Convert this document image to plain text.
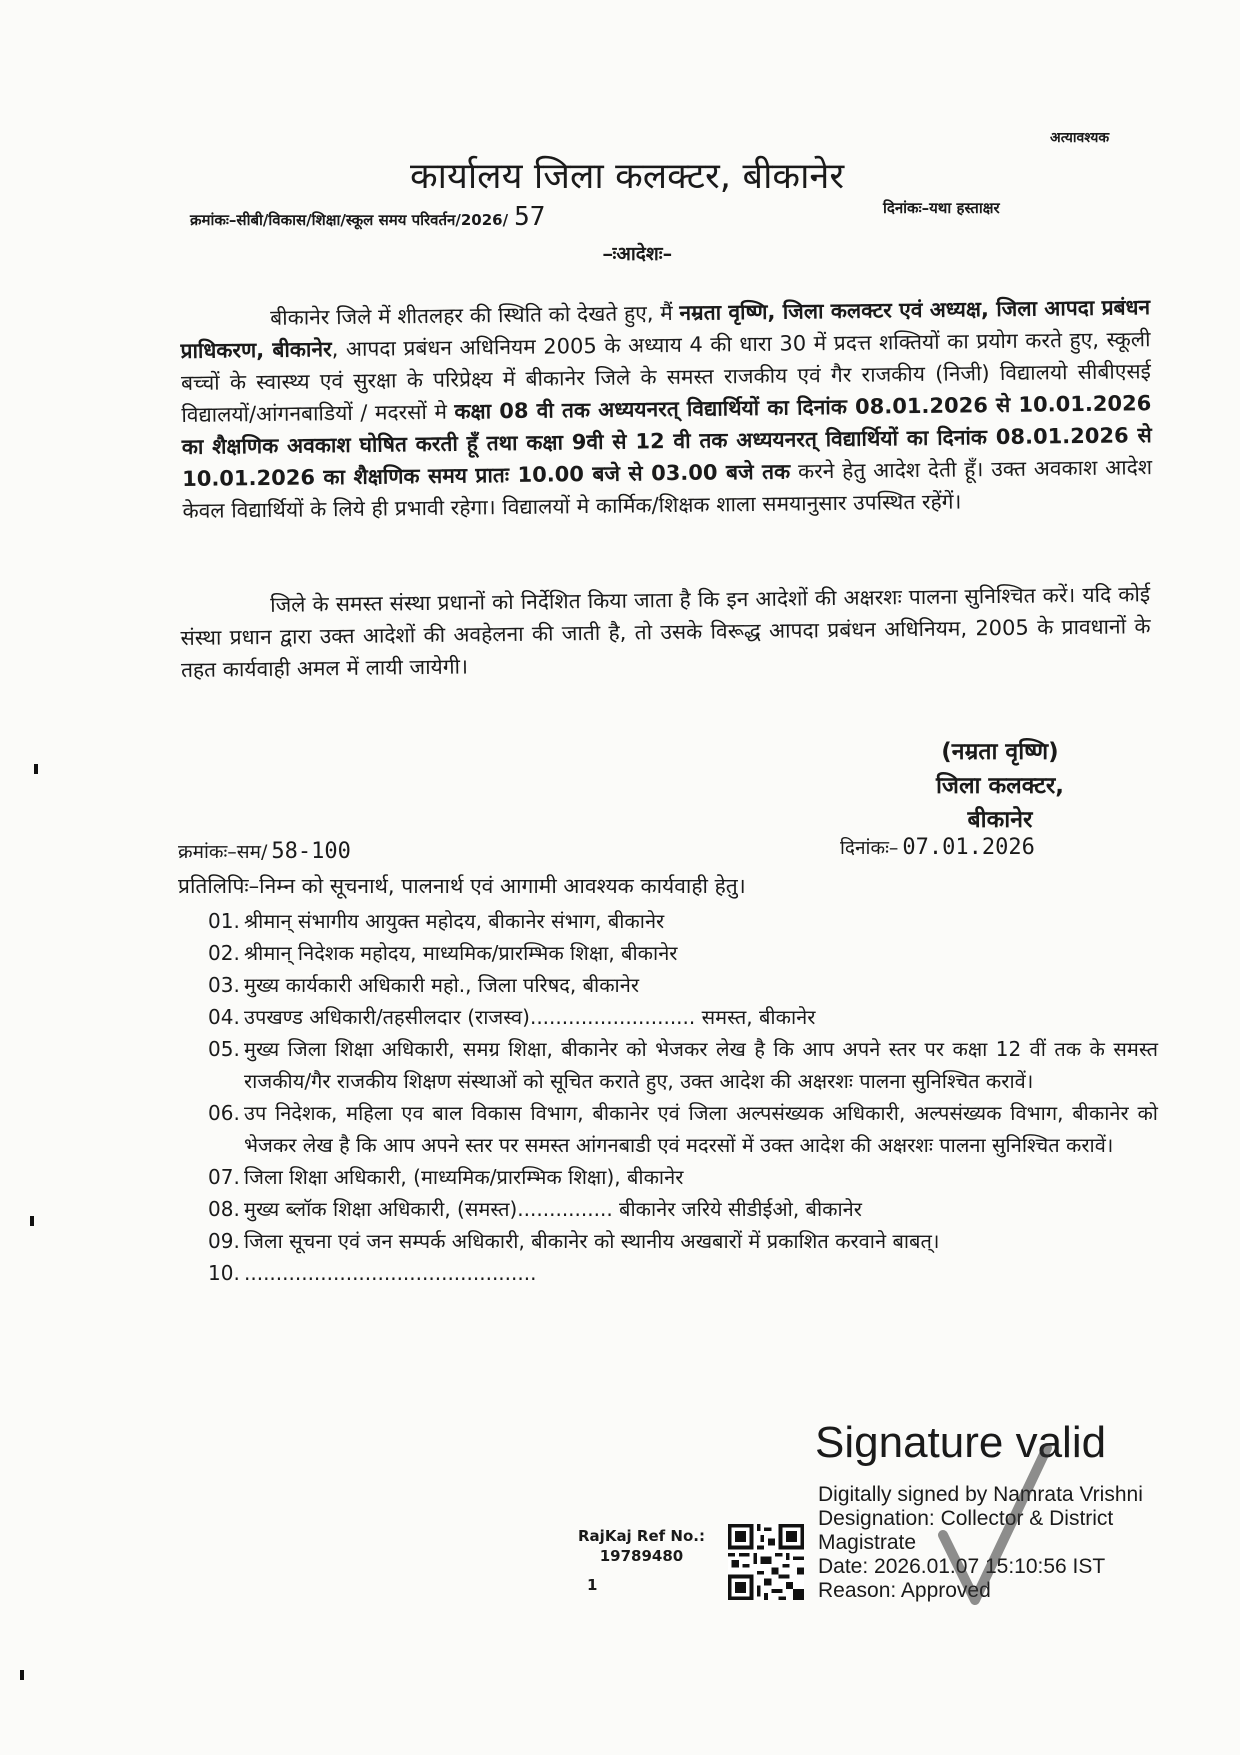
अत्यावश्यक
कार्यालय जिला कलक्टर, बीकानेर
क्रमांकः–सीबी/विकास/शिक्षा/स्कूल समय परिवर्तन/2026/ 57	दिनांकः–यथा हस्ताक्षर
–ःआदेशः–

बीकानेर जिले में शीतलहर की स्थिति को देखते हुए, मैं नम्रता वृष्णि, जिला कलक्टर एवं अध्यक्ष, जिला आपदा प्रबंधन प्राधिकरण, बीकानेर, आपदा प्रबंधन अधिनियम 2005 के अध्याय 4 की धारा 30 में प्रदत्त शक्तियों का प्रयोग करते हुए, स्कूली बच्चों के स्वास्थ्य एवं सुरक्षा के परिप्रेक्ष्य में बीकानेर जिले के समस्त राजकीय एवं गैर राजकीय (निजी) विद्यालयो सीबीएसई विद्यालयों/आंगनबाडियों / मदरसों मे कक्षा 08 वी तक अध्ययनरत् विद्यार्थियों का दिनांक 08.01.2026 से 10.01.2026 का शैक्षणिक अवकाश घोषित करती हूँ तथा कक्षा 9वी से 12 वी तक अध्ययनरत् विद्यार्थियों का दिनांक 08.01.2026 से 10.01.2026 का शैक्षणिक समय प्रातः 10.00 बजे से 03.00 बजे तक करने हेतु आदेश देती हूँ। उक्त अवकाश आदेश केवल विद्यार्थियों के लिये ही प्रभावी रहेगा। विद्यालयों मे कार्मिक/शिक्षक शाला समयानुसार उपस्थित रहेंगें।

जिले के समस्त संस्था प्रधानों को निर्देशित किया जाता है कि इन आदेशों की अक्षरशः पालना सुनिश्चित करें। यदि कोई संस्था प्रधान द्वारा उक्त आदेशों की अवहेलना की जाती है, तो उसके विरूद्ध आपदा प्रबंधन अधिनियम, 2005 के प्रावधानों के तहत कार्यवाही अमल में लायी जायेगी।

(नम्रता वृष्णि)
जिला कलक्टर,
बीकानेर
क्रमांकः–सम/ 58-100	दिनांकः– 07.01.2026
प्रतिलिपिः–निम्न को सूचनार्थ, पालनार्थ एवं आगामी आवश्यक कार्यवाही हेतु।
01. श्रीमान् संभागीय आयुक्त महोदय, बीकानेर संभाग, बीकानेर
02. श्रीमान् निदेशक महोदय, माध्यमिक/प्रारम्भिक शिक्षा, बीकानेर
03. मुख्य कार्यकारी अधिकारी महो., जिला परिषद, बीकानेर
04. उपखण्ड अधिकारी/तहसीलदार (राजस्व).......................... समस्त, बीकानेर
05. मुख्य जिला शिक्षा अधिकारी, समग्र शिक्षा, बीकानेर को भेजकर लेख है कि आप अपने स्तर पर कक्षा 12 वीं तक के समस्त राजकीय/गैर राजकीय शिक्षण संस्थाओं को सूचित कराते हुए, उक्त आदेश की अक्षरशः पालना सुनिश्चित करावें।
06. उप निदेशक, महिला एव बाल विकास विभाग, बीकानेर एवं जिला अल्पसंख्यक अधिकारी, अल्पसंख्यक विभाग, बीकानेर को भेजकर लेख है कि आप अपने स्तर पर समस्त आंगनबाडी एवं मदरसों में उक्त आदेश की अक्षरशः पालना सुनिश्चित करावें।
07. जिला शिक्षा अधिकारी, (माध्यमिक/प्रारम्भिक शिक्षा), बीकानेर
08. मुख्य ब्लॉक शिक्षा अधिकारी, (समस्त)............... बीकानेर जरिये सीडीईओ, बीकानेर
09. जिला सूचना एवं जन सम्पर्क अधिकारी, बीकानेर को स्थानीय अखबारों में प्रकाशित करवाने बाबत्।
10. ..............................................
RajKaj Ref No.:
19789480
1
Signature valid
Digitally signed by Namrata Vrishni
Designation: Collector & District Magistrate
Date: 2026.01.07 15:10:56 IST
Reason: Approved
